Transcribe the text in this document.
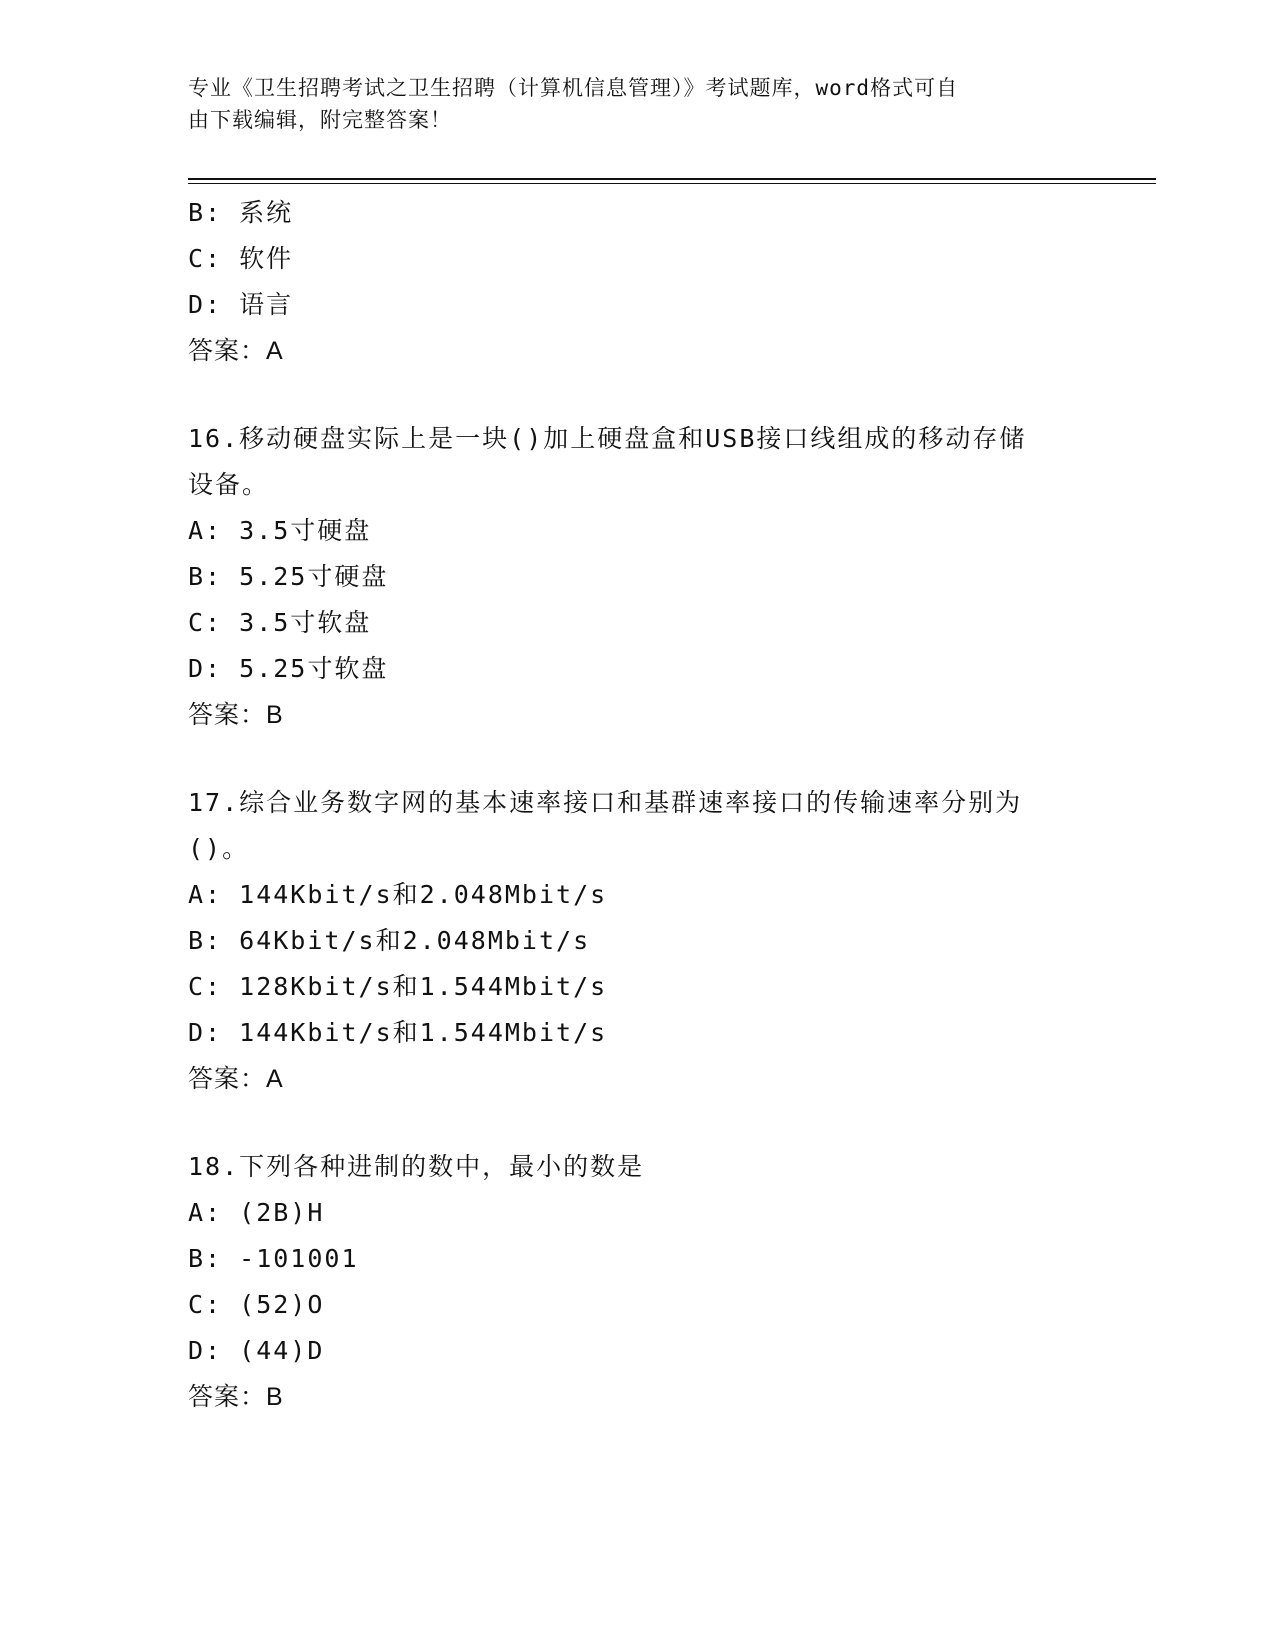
专业《卫生招聘考试之卫生招聘（计算机信息管理）》考试题库，word格式可自
由下载编辑，附完整答案！
B: 系统
C: 软件
D: 语言
答案：A
16.移动硬盘实际上是一块()加上硬盘盒和USB接口线组成的移动存储
设备。
A: 3.5寸硬盘
B: 5.25寸硬盘
C: 3.5寸软盘
D: 5.25寸软盘
答案：B
17.综合业务数字网的基本速率接口和基群速率接口的传输速率分别为
()。
A: 144Kbit/s和2.048Mbit/s
B: 64Kbit/s和2.048Mbit/s
C: 128Kbit/s和1.544Mbit/s
D: 144Kbit/s和1.544Mbit/s
答案：A
18.下列各种进制的数中，最小的数是
A: (2B)H
B: -101001
C: (52)O
D: (44)D
答案：B
